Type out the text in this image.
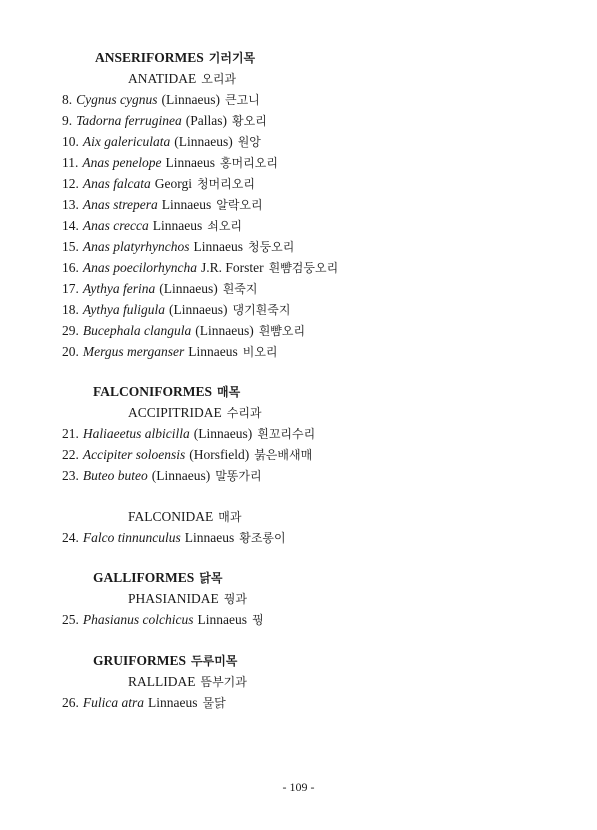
ANSERIFORMES 기러기목
ANATIDAE 오리과
8. Cygnus cygnus (Linnaeus) 큰고니
9. Tadorna ferruginea (Pallas) 황오리
10. Aix galericulata (Linnaeus) 원앙
11. Anas penelope Linnaeus 홍머리오리
12. Anas falcata Georgi 청머리오리
13. Anas strepera Linnaeus 알락오리
14. Anas crecca Linnaeus 쇠오리
15. Anas platyrhynchos Linnaeus 청둥오리
16. Anas poecilorhyncha J.R. Forster 흰뺨검둥오리
17. Aythya ferina (Linnaeus) 흰죽지
18. Aythya fuligula (Linnaeus) 댕기흰죽지
29. Bucephala clangula (Linnaeus) 흰뺨오리
20. Mergus merganser Linnaeus 비오리
FALCONIFORMES 매목
ACCIPITRIDAE 수리과
21. Haliaeetus albicilla (Linnaeus) 흰꼬리수리
22. Accipiter soloensis (Horsfield) 붉은배새매
23. Buteo buteo (Linnaeus) 말똥가리
FALCONIDAE 매과
24. Falco tinnunculus Linnaeus 황조롱이
GALLIFORMES 닭목
PHASIANIDAE 꿩과
25. Phasianus colchicus Linnaeus 꿩
GRUIFORMES 두루미목
RALLIDAE 뜸부기과
26. Fulica atra Linnaeus 물닭
- 109 -
